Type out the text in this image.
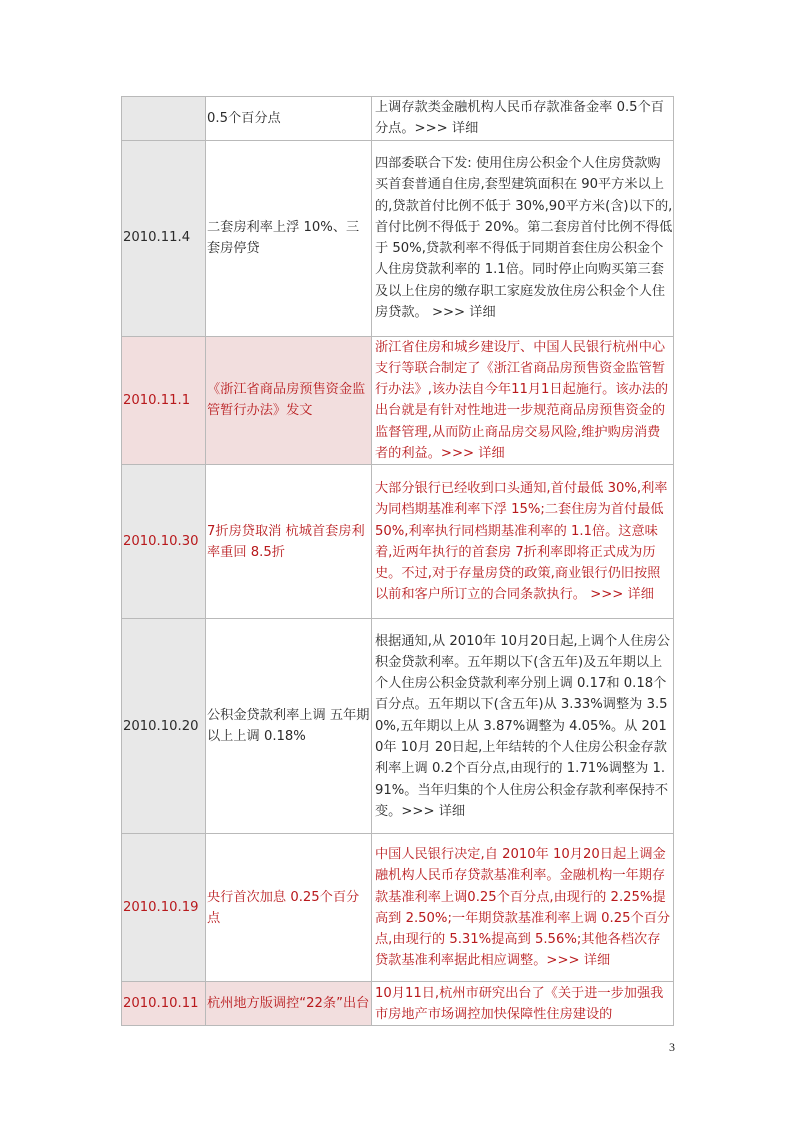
	0.5个百分点	上调存款类金融机构人民币存款准备金率 0.5个百分点。>>> 详细
2010.11.4	二套房利率上浮 10%、三套房停贷	四部委联合下发: 使用住房公积金个人住房贷款购买首套普通自住房,套型建筑面积在 90平方米以上的,贷款首付比例不低于 30%,90平方米(含)以下的,首付比例不得低于 20%。第二套房首付比例不得低于 50%,贷款利率不得低于同期首套住房公积金个人住房贷款利率的 1.1倍。同时停止向购买第三套及以上住房的缴存职工家庭发放住房公积金个人住房贷款。 >>> 详细
2010.11.1	《浙江省商品房预售资金监管暂行办法》发文	浙江省住房和城乡建设厅、中国人民银行杭州中心支行等联合制定了《浙江省商品房预售资金监管暂行办法》,该办法自今年11月1日起施行。该办法的出台就是有针对性地进一步规范商品房预售资金的监督管理,从而防止商品房交易风险,维护购房消费者的利益。>>> 详细
2010.10.30	7折房贷取消 杭城首套房利率重回 8.5折	大部分银行已经收到口头通知,首付最低 30%,利率为同档期基准利率下浮 15%;二套住房为首付最低 50%,利率执行同档期基准利率的 1.1倍。这意味着,近两年执行的首套房 7折利率即将正式成为历史。不过,对于存量房贷的政策,商业银行仍旧按照以前和客户所订立的合同条款执行。 >>> 详细
2010.10.20	公积金贷款利率上调 五年期以上上调 0.18%	根据通知,从 2010年 10月20日起,上调个人住房公积金贷款利率。五年期以下(含五年)及五年期以上个人住房公积金贷款利率分别上调 0.17和 0.18个百分点。五年期以下(含五年)从 3.33%调整为 3.50%,五年期以上从 3.87%调整为 4.05%。从 2010年 10月 20日起,上年结转的个人住房公积金存款利率上调 0.2个百分点,由现行的 1.71%调整为 1.91%。当年归集的个人住房公积金存款利率保持不变。>>> 详细
2010.10.19	央行首次加息 0.25个百分点	中国人民银行决定,自 2010年 10月20日起上调金融机构人民币存贷款基准利率。金融机构一年期存款基准利率上调0.25个百分点,由现行的 2.25%提高到 2.50%;一年期贷款基准利率上调 0.25个百分点,由现行的 5.31%提高到 5.56%;其他各档次存贷款基准利率据此相应调整。>>> 详细
2010.10.11	杭州地方版调控“22条”出台	10月11日,杭州市研究出台了《关于进一步加强我市房地产市场调控加快保障性住房建设的
3
